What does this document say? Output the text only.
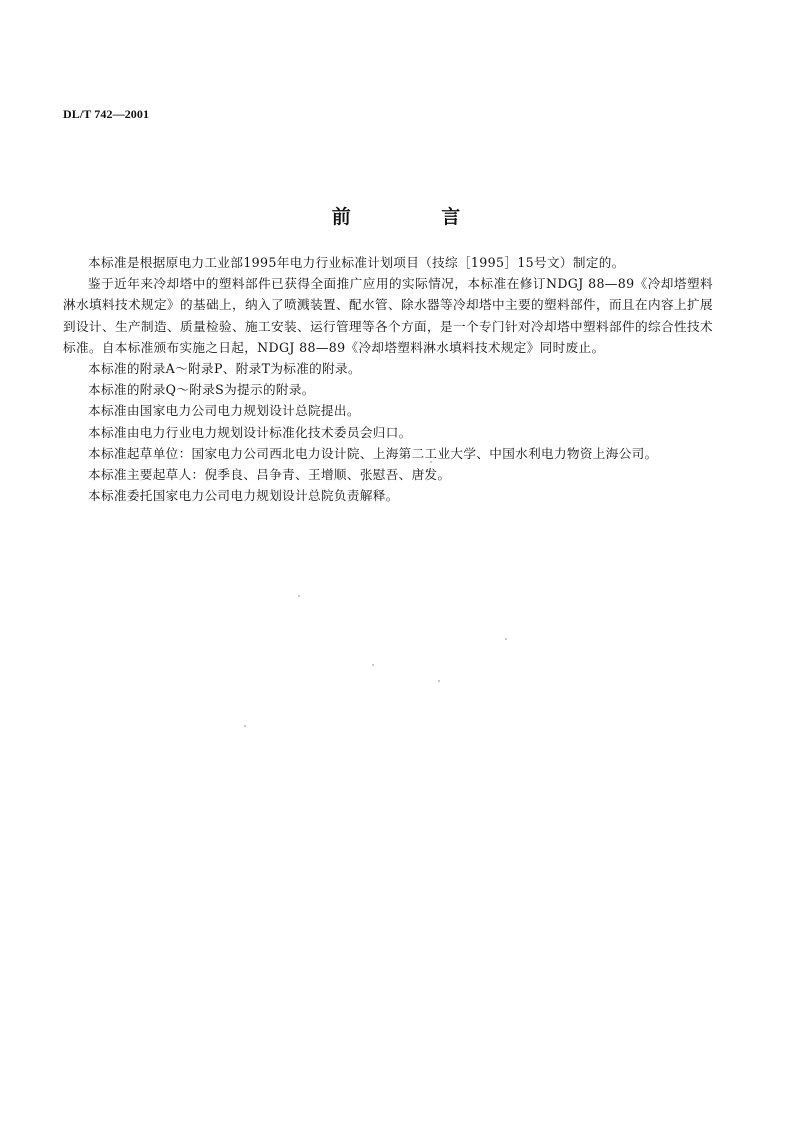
DL/T 742—2001
前 言

本标准是根据原电力工业部1995年电力行业标准计划项目（技综［1995］15号文）制定的。

鉴于近年来冷却塔中的塑料部件已获得全面推广应用的实际情况，本标准在修订NDGJ 88—89《冷却塔塑料淋水填料技术规定》的基础上，纳入了喷溅装置、配水管、除水器等冷却塔中主要的塑料部件，而且在内容上扩展到设计、生产制造、质量检验、施工安装、运行管理等各个方面，是一个专门针对冷却塔中塑料部件的综合性技术标准。自本标准颁布实施之日起，NDGJ 88—89《冷却塔塑料淋水填料技术规定》同时废止。

本标准的附录A～附录P、附录T为标准的附录。

本标准的附录Q～附录S为提示的附录。

本标准由国家电力公司电力规划设计总院提出。

本标准由电力行业电力规划设计标准化技术委员会归口。

本标准起草单位：国家电力公司西北电力设计院、上海第二工业大学、中国水利电力物资上海公司。

本标准主要起草人：倪季良、吕争青、王增顺、张慰吾、唐发。

本标准委托国家电力公司电力规划设计总院负责解释。
